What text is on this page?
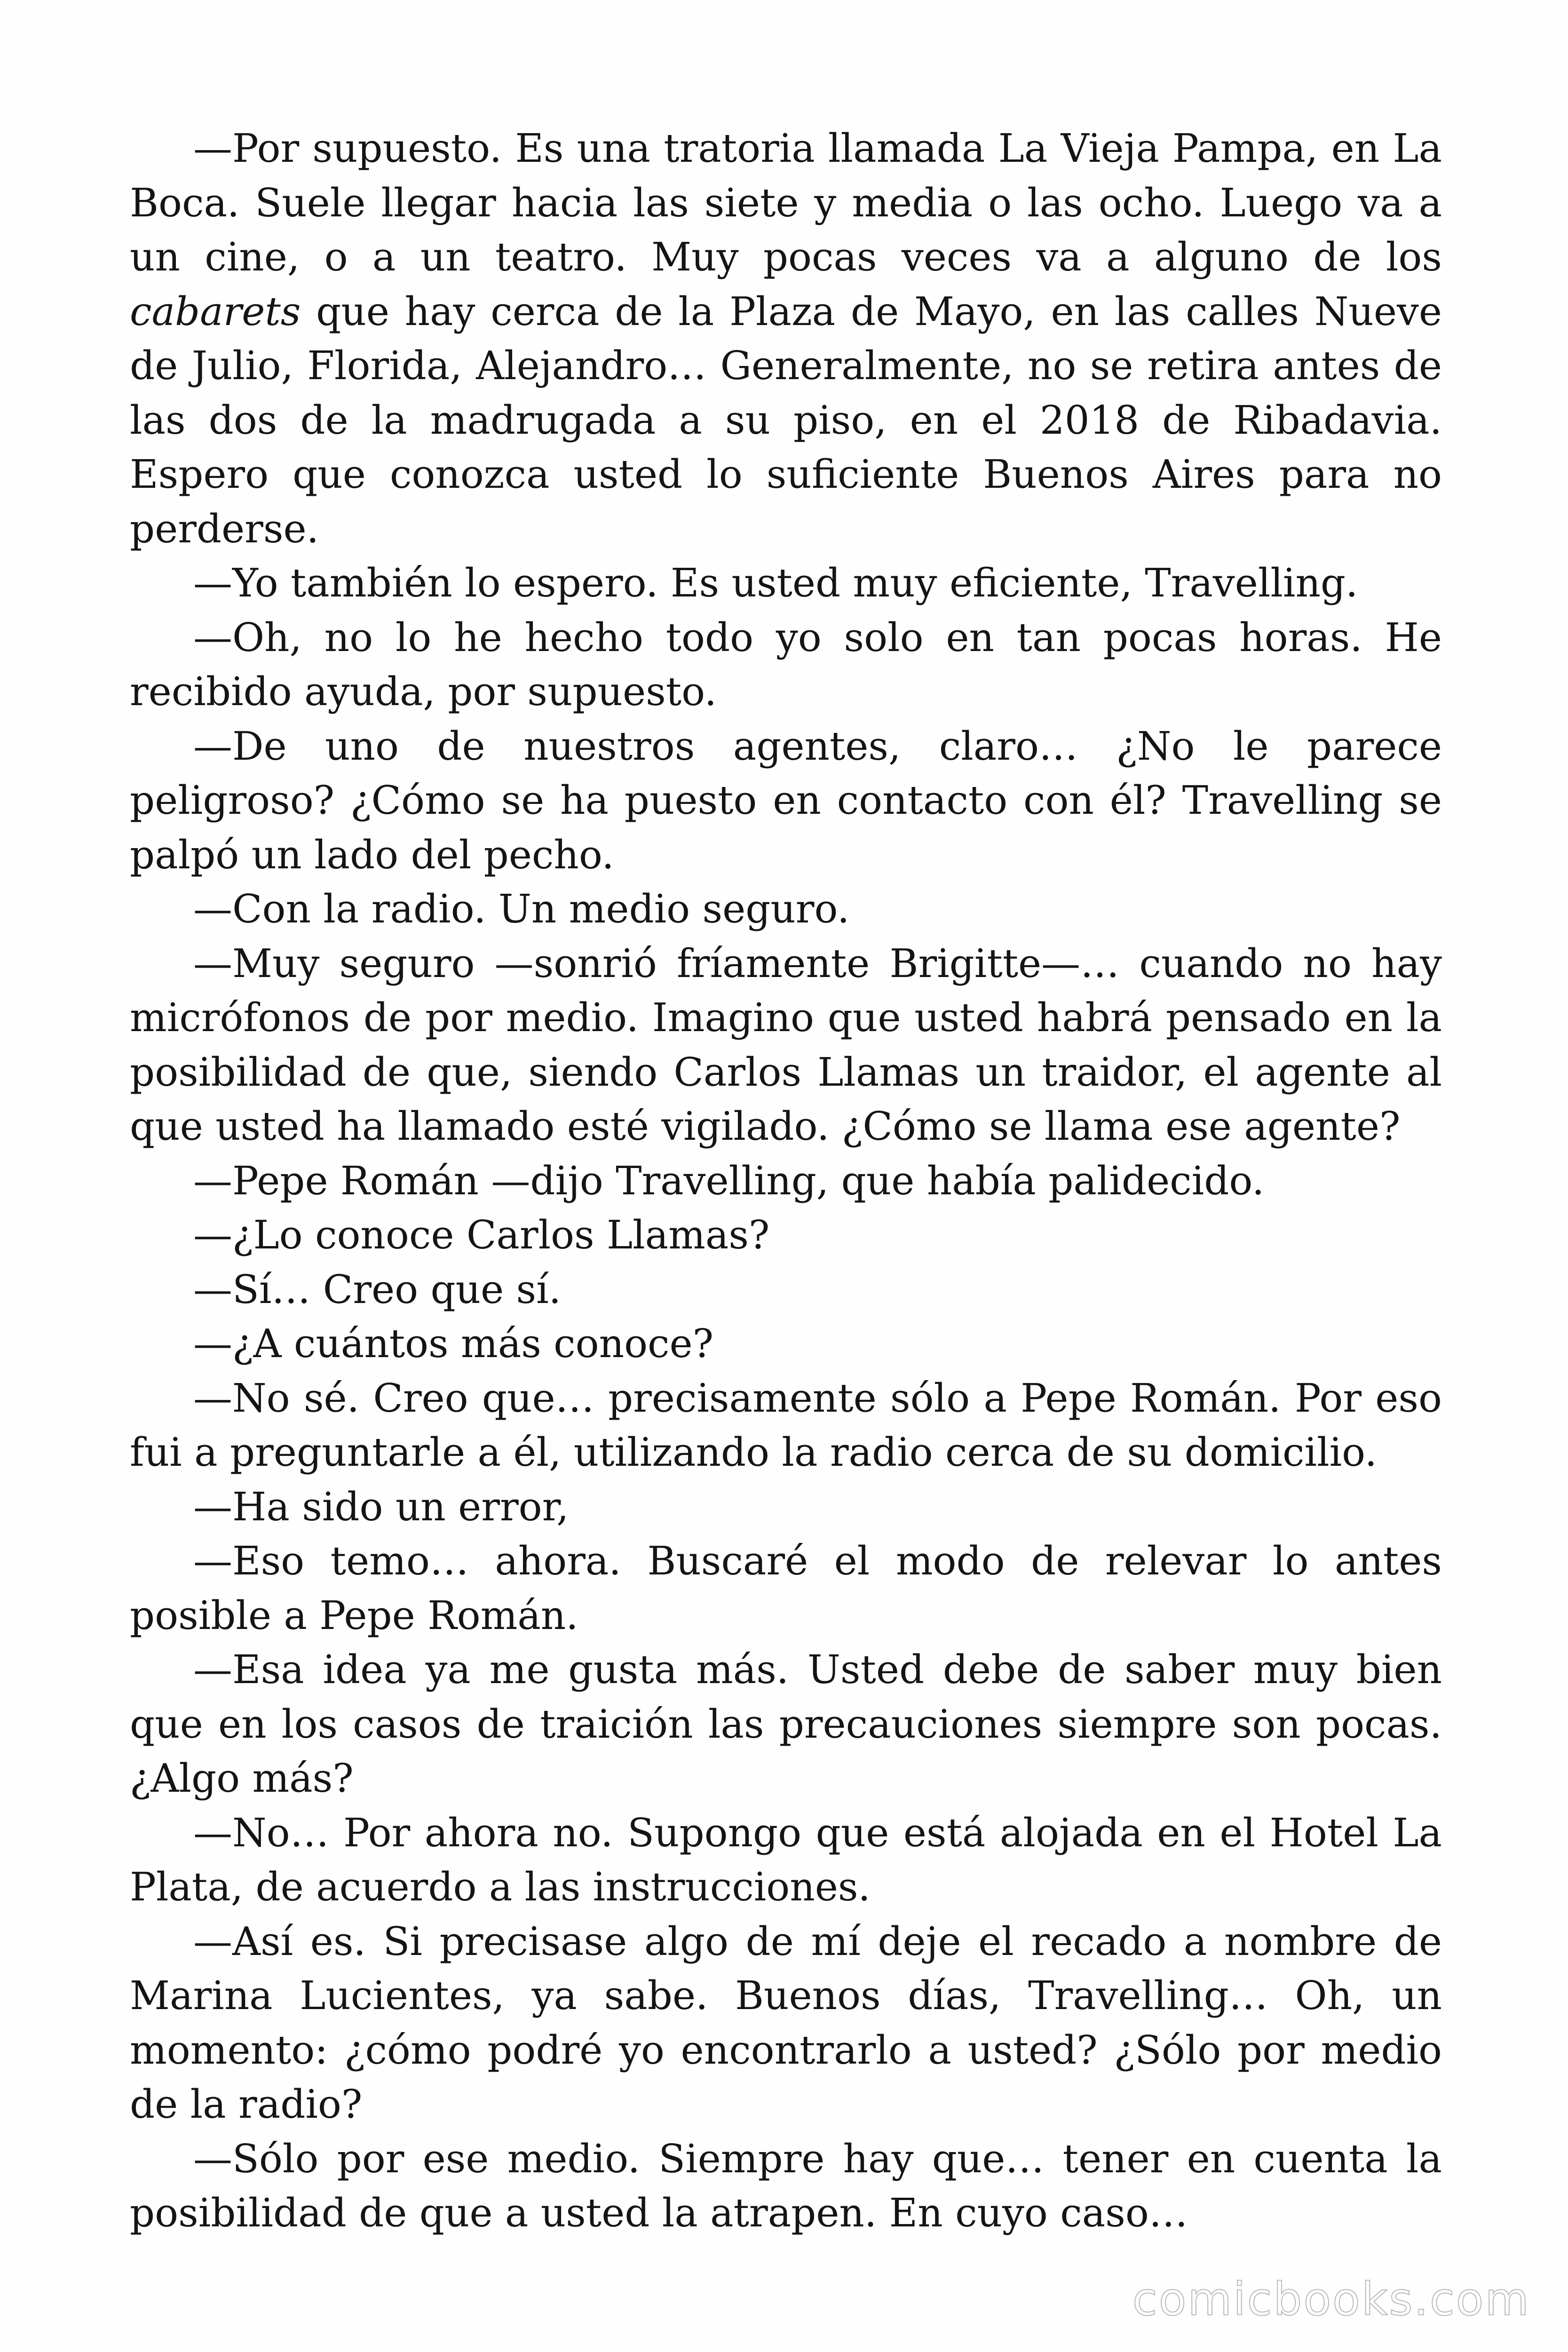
—Por supuesto. Es una tratoria llamada La Vieja Pampa, en La Boca. Suele llegar hacia las siete y media o las ocho. Luego va a un cine, o a un teatro. Muy pocas veces va a alguno de los cabarets que hay cerca de la Plaza de Mayo, en las calles Nueve de Julio, Florida, Alejandro… Generalmente, no se retira antes de las dos de la madrugada a su piso, en el 2018 de Ribadavia. Espero que conozca usted lo suficiente Buenos Aires para no perderse.

—Yo también lo espero. Es usted muy eficiente, Travelling.

—Oh, no lo he hecho todo yo solo en tan pocas horas. He recibido ayuda, por supuesto.

—De uno de nuestros agentes, claro… ¿No le parece peligroso? ¿Cómo se ha puesto en contacto con él? Travelling se palpó un lado del pecho.

—Con la radio. Un medio seguro.

—Muy seguro —sonrió fríamente Brigitte—… cuando no hay micrófonos de por medio. Imagino que usted habrá pensado en la posibilidad de que, siendo Carlos Llamas un traidor, el agente al que usted ha llamado esté vigilado. ¿Cómo se llama ese agente?

—Pepe Román —dijo Travelling, que había palidecido.

—¿Lo conoce Carlos Llamas?

—Sí… Creo que sí.

—¿A cuántos más conoce?

—No sé. Creo que… precisamente sólo a Pepe Román. Por eso fui a preguntarle a él, utilizando la radio cerca de su domicilio.

—Ha sido un error,

—Eso temo… ahora. Buscaré el modo de relevar lo antes posible a Pepe Román.

—Esa idea ya me gusta más. Usted debe de saber muy bien que en los casos de traición las precauciones siempre son pocas. ¿Algo más?

—No… Por ahora no. Supongo que está alojada en el Hotel La Plata, de acuerdo a las instrucciones.

—Así es. Si precisase algo de mí deje el recado a nombre de Marina Lucientes, ya sabe. Buenos días, Travelling… Oh, un momento: ¿cómo podré yo encontrarlo a usted? ¿Sólo por medio de la radio?

—Sólo por ese medio. Siempre hay que… tener en cuenta la posibilidad de que a usted la atrapen. En cuyo caso…

comicbooks.com
